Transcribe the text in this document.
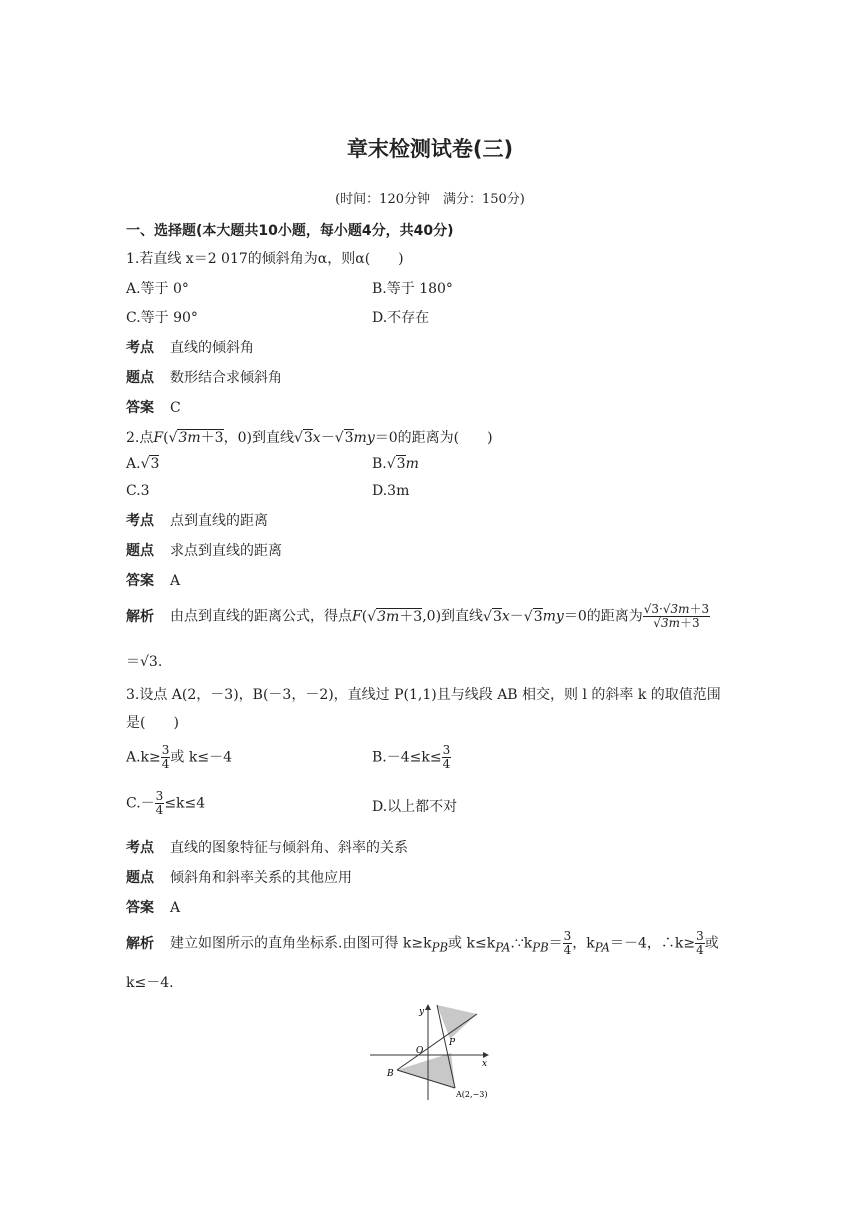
章末检测试卷(三)
(时间：120分钟　满分：150分)
一、选择题(本大题共10小题，每小题4分，共40分)
1.若直线 x＝2 017的倾斜角为α，则α(　　)
A.等于 0°	B.等于 180°
C.等于 90°	D.不存在
考点 直线的倾斜角
题点 数形结合求倾斜角
答案 C
2.点F( √ 3m＋3，0)到直线 √ 3x－ √ 3my＝0的距离为(　　)
A. √ 3	B. √ 3m
C.3	D.3m
考点 点到直线的距离
题点 求点到直线的距离
答案 A
解析 由点到直线的距离公式，得点F( √ 3m＋3,0)到直线 √ 3x－ √ 3my＝0的距离为 $\frac{√3\cdot√3m+3}{√3m+3}$
＝√3.
3.设点 A(2，－3)，B(－3，－2)，直线过 P(1,1)且与线段 AB 相交，则 l 的斜率 k 的取值范围
是(　　)
$A.k\ge \frac{3}{4}$ 或 k≤－4	$B.-4\le k\le \frac{3}{4}$
$C.- \frac{3}{4} \le k\le 4$	D.以上都不对
考点 直线的图象特征与倾斜角、斜率的关系
题点 倾斜角和斜率关系的其他应用
答案 A
解析 建立如图所示的直角坐标系.由图可得 $k\ge k_{PB}$或 $k\le k_{PA}.\because k_{PB}= \frac{3}{4}$ ，$k_{PA}=-4$，∴k≥ $\frac{3}{4}$ 或
k≤－4.
y
x
O
P
B
A(2,−3)
